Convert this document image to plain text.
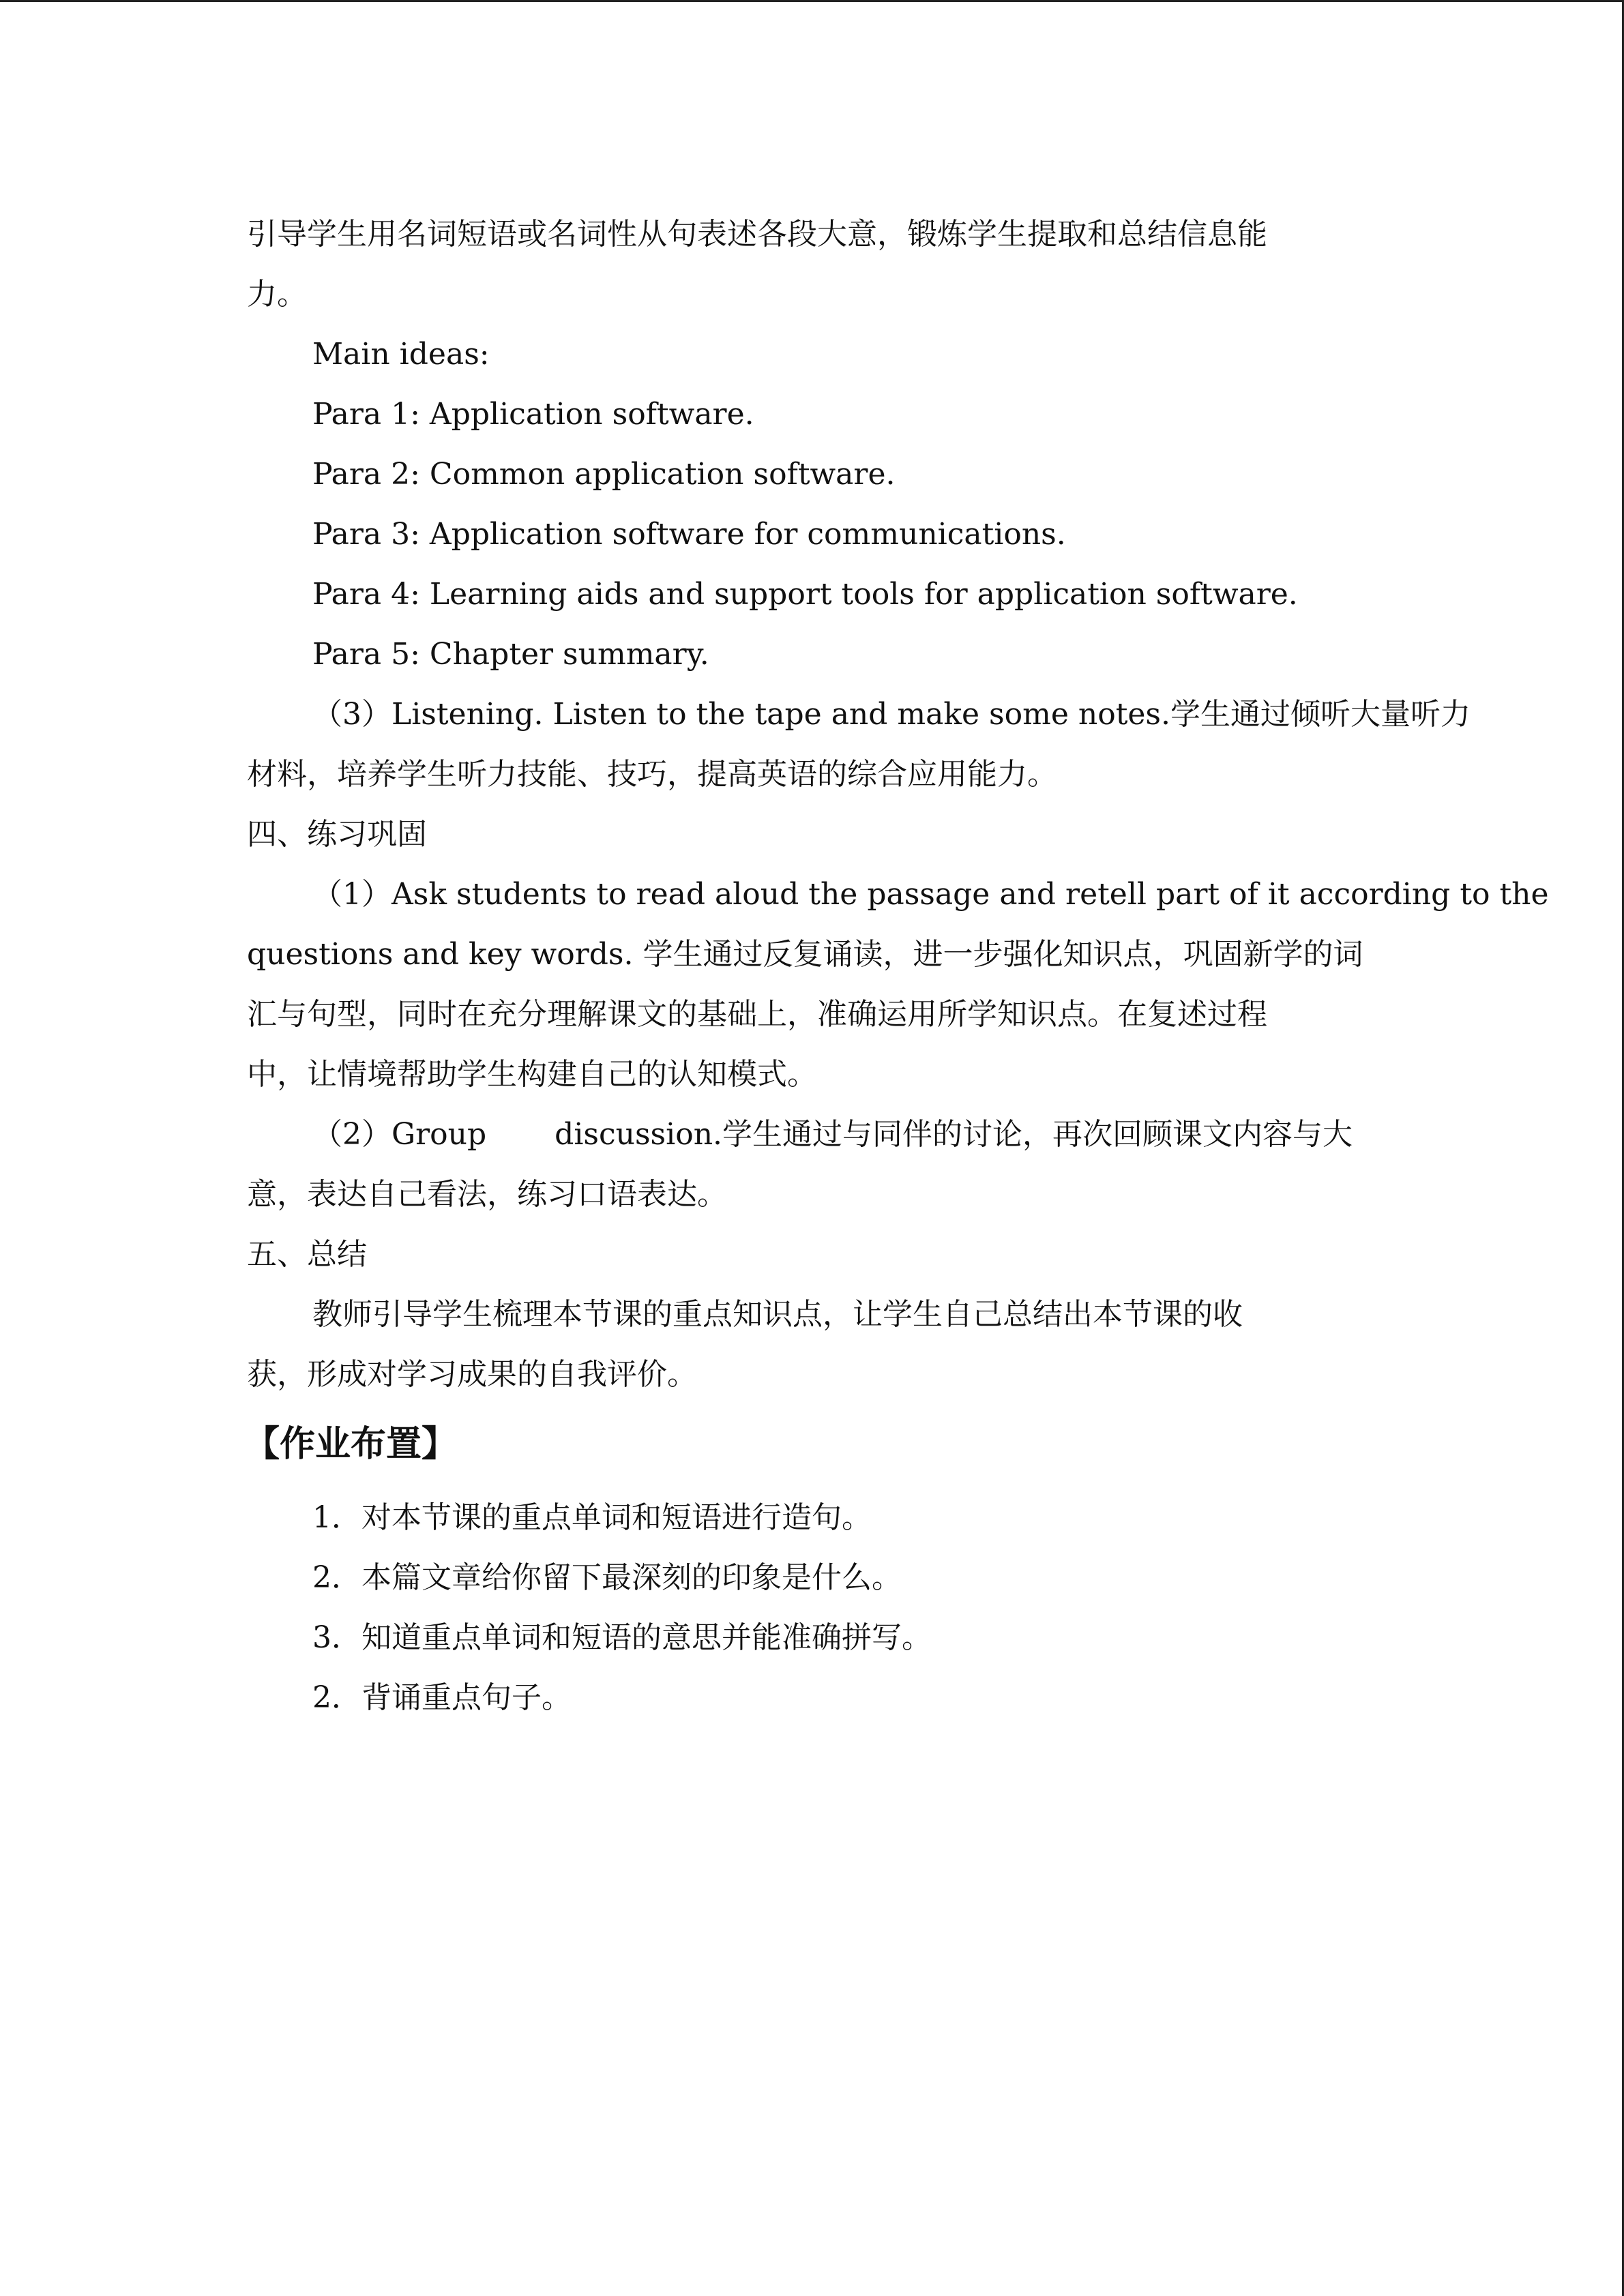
引导学生用名词短语或名词性从句表述各段大意，锻炼学生提取和总结信息能
力。
Main ideas:
Para 1: Application software.
Para 2: Common application software.
Para 3: Application software for communications.
Para 4: Learning aids and support tools for application software.
Para 5: Chapter summary.
（3）Listening. Listen to the tape and make some notes.学生通过倾听大量听力
材料，培养学生听力技能、技巧，提高英语的综合应用能力。
四、练习巩固
（1）Ask students to read aloud the passage and retell part of it according to the
questions and key words. 学生通过反复诵读，进一步强化知识点，巩固新学的词
汇与句型，同时在充分理解课文的基础上，准确运用所学知识点。在复述过程
中，让情境帮助学生构建自己的认知模式。
（2）Group discussion.学生通过与同伴的讨论，再次回顾课文内容与大
意，表达自己看法，练习口语表达。
五、总结
教师引导学生梳理本节课的重点知识点，让学生自己总结出本节课的收
获，形成对学习成果的自我评价。
【作业布置】
1．对本节课的重点单词和短语进行造句。
2．本篇文章给你留下最深刻的印象是什么。
3．知道重点单词和短语的意思并能准确拼写。
2．背诵重点句子。
